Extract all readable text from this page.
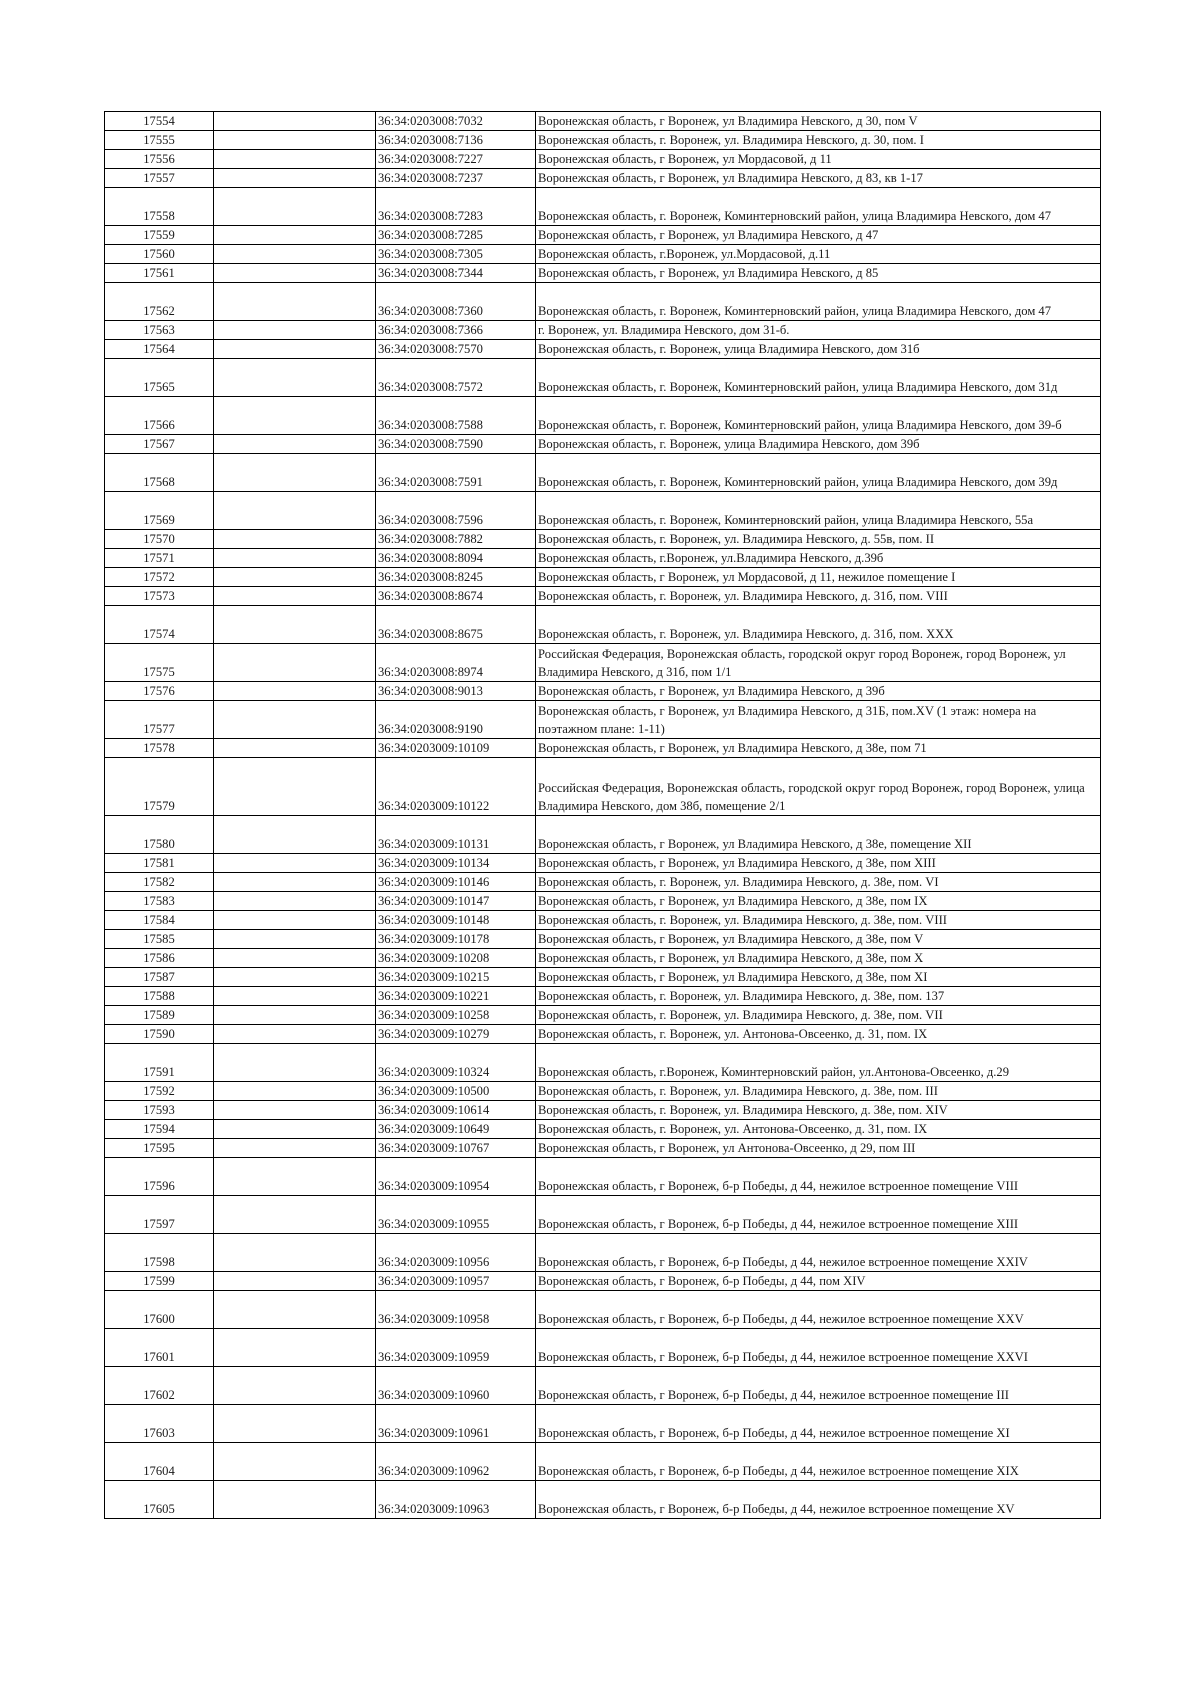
17554		36:34:0203008:7032	Воронежская область, г Воронеж, ул Владимира Невского, д 30, пом V
17555		36:34:0203008:7136	Воронежская область, г. Воронеж, ул. Владимира Невского, д. 30, пом. I
17556		36:34:0203008:7227	Воронежская область, г Воронеж, ул Мордасовой, д 11
17557		36:34:0203008:7237	Воронежская область, г Воронеж, ул Владимира Невского, д 83, кв 1-17
17558		36:34:0203008:7283	Воронежская область, г. Воронеж, Коминтерновский район, улица Владимира Невского, дом 47
17559		36:34:0203008:7285	Воронежская область, г Воронеж, ул Владимира Невского, д 47
17560		36:34:0203008:7305	Воронежская область, г.Воронеж, ул.Мордасовой, д.11
17561		36:34:0203008:7344	Воронежская область, г Воронеж, ул Владимира Невского, д 85
17562		36:34:0203008:7360	Воронежская область, г. Воронеж, Коминтерновский район, улица Владимира Невского, дом 47
17563		36:34:0203008:7366	г. Воронеж, ул. Владимира Невского, дом 31-б.
17564		36:34:0203008:7570	Воронежская область, г. Воронеж, улица Владимира Невского, дом 31б
17565		36:34:0203008:7572	Воронежская область, г. Воронеж, Коминтерновский район, улица Владимира Невского, дом 31д
17566		36:34:0203008:7588	Воронежская область, г. Воронеж, Коминтерновский район, улица Владимира Невского, дом 39-б
17567		36:34:0203008:7590	Воронежская область, г. Воронеж, улица Владимира Невского, дом 39б
17568		36:34:0203008:7591	Воронежская область, г. Воронеж, Коминтерновский район, улица Владимира Невского, дом 39д
17569		36:34:0203008:7596	Воронежская область, г. Воронеж, Коминтерновский район, улица Владимира Невского, 55а
17570		36:34:0203008:7882	Воронежская область, г. Воронеж, ул. Владимира Невского, д. 55в, пом. II
17571		36:34:0203008:8094	Воронежская область, г.Воронеж, ул.Владимира Невского, д.39б
17572		36:34:0203008:8245	Воронежская область, г Воронеж, ул Мордасовой, д 11, нежилое помещение I
17573		36:34:0203008:8674	Воронежская область, г. Воронеж, ул. Владимира Невского, д. 31б, пом. VIII
17574		36:34:0203008:8675	Воронежская область, г. Воронеж, ул. Владимира Невского, д. 31б, пом. XXX
17575		36:34:0203008:8974	Российская Федерация, Воронежская область, городской округ город Воронеж, город Воронеж, ул Владимира Невского, д 31б, пом 1/1
17576		36:34:0203008:9013	Воронежская область, г Воронеж, ул Владимира Невского, д 39б
17577		36:34:0203008:9190	Воронежская область, г Воронеж, ул Владимира Невского, д 31Б, пом.XV (1 этаж: номера на поэтажном плане: 1-11)
17578		36:34:0203009:10109	Воронежская область, г Воронеж, ул Владимира Невского, д 38е, пом 71
17579		36:34:0203009:10122	Российская Федерация, Воронежская область, городской округ город Воронеж, город Воронеж, улица Владимира Невского, дом 38б, помещение 2/1
17580		36:34:0203009:10131	Воронежская область, г Воронеж, ул Владимира Невского, д 38е, помещение XII
17581		36:34:0203009:10134	Воронежская область, г Воронеж, ул Владимира Невского, д 38е, пом XIII
17582		36:34:0203009:10146	Воронежская область, г. Воронеж, ул. Владимира Невского, д. 38е, пом. VI
17583		36:34:0203009:10147	Воронежская область, г Воронеж, ул Владимира Невского, д 38е, пом IX
17584		36:34:0203009:10148	Воронежская область, г. Воронеж, ул. Владимира Невского, д. 38е, пом. VIII
17585		36:34:0203009:10178	Воронежская область, г Воронеж, ул Владимира Невского, д 38е, пом V
17586		36:34:0203009:10208	Воронежская область, г Воронеж, ул Владимира Невского, д 38е, пом X
17587		36:34:0203009:10215	Воронежская область, г Воронеж, ул Владимира Невского, д 38е, пом XI
17588		36:34:0203009:10221	Воронежская область, г. Воронеж, ул. Владимира Невского, д. 38е, пом. 137
17589		36:34:0203009:10258	Воронежская область, г. Воронеж, ул. Владимира Невского, д. 38е, пом. VII
17590		36:34:0203009:10279	Воронежская область, г. Воронеж, ул. Антонова-Овсеенко, д. 31, пом. IX
17591		36:34:0203009:10324	Воронежская область, г.Воронеж, Коминтерновский район, ул.Антонова-Овсеенко, д.29
17592		36:34:0203009:10500	Воронежская область, г. Воронеж, ул. Владимира Невского, д. 38е, пом. III
17593		36:34:0203009:10614	Воронежская область, г. Воронеж, ул. Владимира Невского, д. 38е, пом. XIV
17594		36:34:0203009:10649	Воронежская область, г. Воронеж, ул. Антонова-Овсеенко, д. 31, пом. IX
17595		36:34:0203009:10767	Воронежская область, г Воронеж, ул Антонова-Овсеенко, д 29, пом III
17596		36:34:0203009:10954	Воронежская область, г Воронеж, б-р Победы, д 44, нежилое встроенное помещение VIII
17597		36:34:0203009:10955	Воронежская область, г Воронеж, б-р Победы, д 44, нежилое встроенное помещение XIII
17598		36:34:0203009:10956	Воронежская область, г Воронеж, б-р Победы, д 44, нежилое встроенное помещение XXIV
17599		36:34:0203009:10957	Воронежская область, г Воронеж, б-р Победы, д 44, пом XIV
17600		36:34:0203009:10958	Воронежская область, г Воронеж, б-р Победы, д 44, нежилое встроенное помещение XXV
17601		36:34:0203009:10959	Воронежская область, г Воронеж, б-р Победы, д 44, нежилое встроенное помещение XXVI
17602		36:34:0203009:10960	Воронежская область, г Воронеж, б-р Победы, д 44, нежилое встроенное помещение III
17603		36:34:0203009:10961	Воронежская область, г Воронеж, б-р Победы, д 44, нежилое встроенное помещение XI
17604		36:34:0203009:10962	Воронежская область, г Воронеж, б-р Победы, д 44, нежилое встроенное помещение XIX
17605		36:34:0203009:10963	Воронежская область, г Воронеж, б-р Победы, д 44, нежилое встроенное помещение XV
